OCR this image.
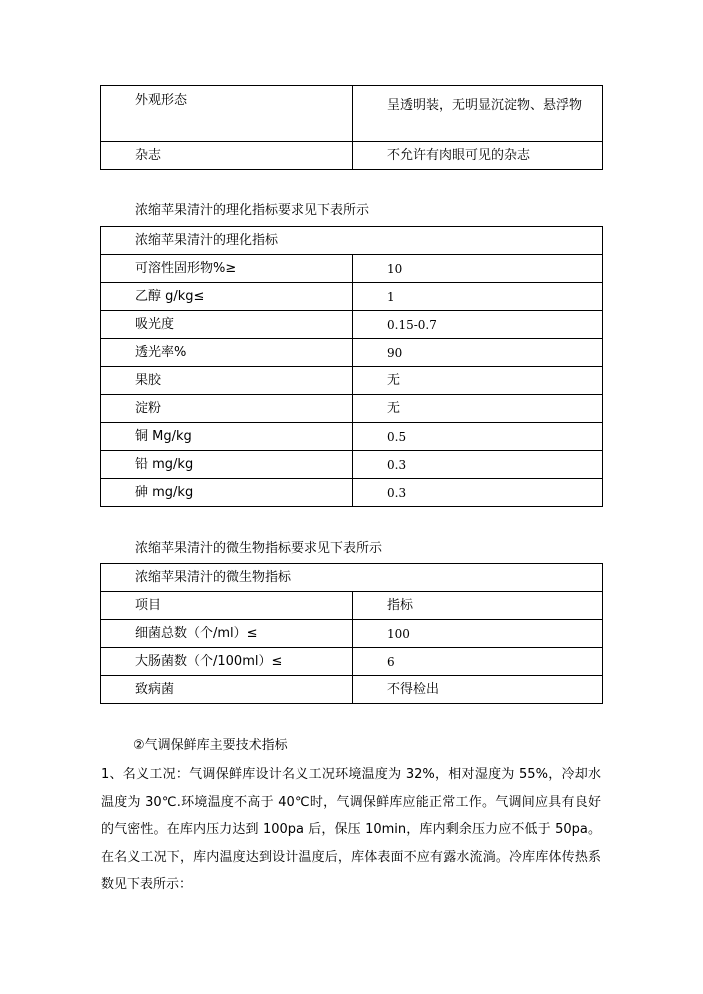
外观形态	呈透明装，无明显沉淀物、悬浮物
杂志	不允许有肉眼可见的杂志
浓缩苹果清汁的理化指标要求见下表所示
浓缩苹果清汁的理化指标	
可溶性固形物%≥	10
乙醇 g/kg≤	1
吸光度	0.15-0.7
透光率%	90
果胶	无
淀粉	无
铜 Mg/kg	0.5
铅 mg/kg	0.3
砷 mg/kg	0.3
浓缩苹果清汁的微生物指标要求见下表所示
浓缩苹果清汁的微生物指标	
项目	指标
细菌总数（个/ml）≤	100
大肠菌数（个/100ml）≤	6
致病菌	不得检出
②气调保鲜库主要技术指标
1、名义工况：气调保鲜库设计名义工况环境温度为 32%，相对湿度为 55%，冷却水温度为 30℃.环境温度不高于 40℃时，气调保鲜库应能正常工作。气调间应具有良好的气密性。在库内压力达到 100pa 后，保压 10min，库内剩余压力应不低于 50pa。在名义工况下，库内温度达到设计温度后，库体表面不应有露水流淌。冷库库体传热系数见下表所示：
